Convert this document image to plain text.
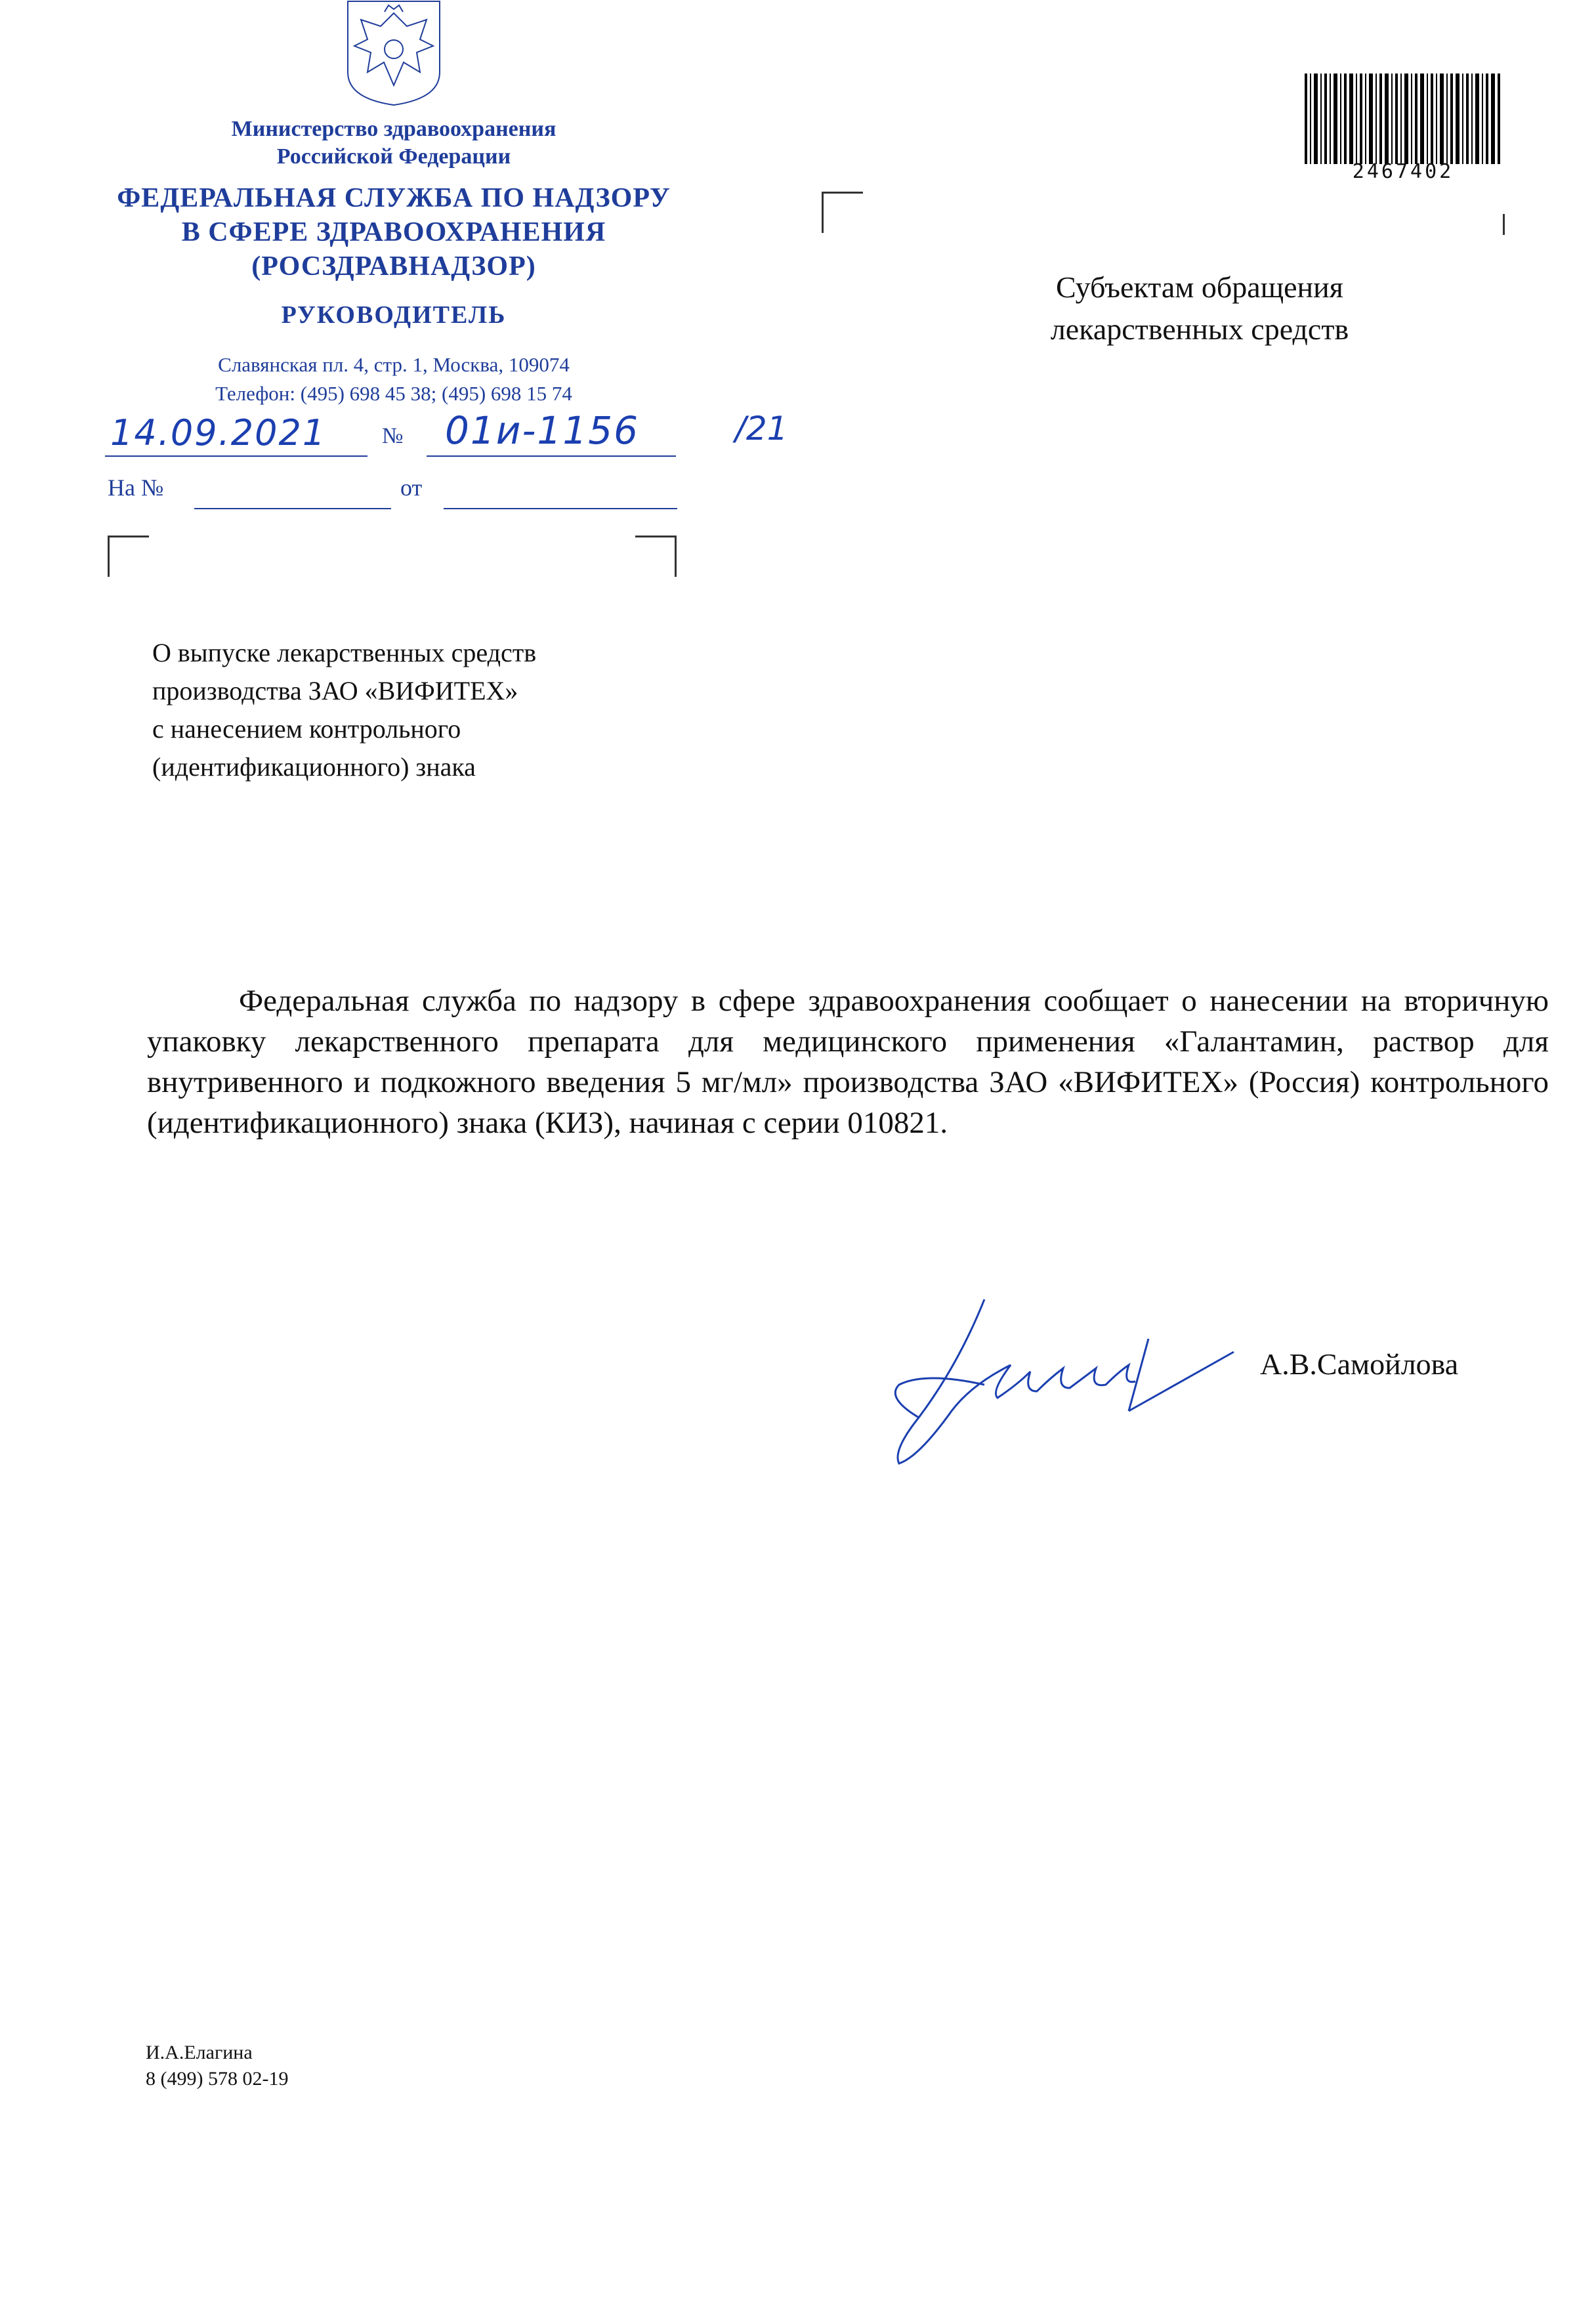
Министерство здравоохранения
Российской Федерации
ФЕДЕРАЛЬНАЯ СЛУЖБА ПО НАДЗОРУ
В СФЕРЕ ЗДРАВООХРАНЕНИЯ
(РОСЗДРАВНАДЗОР)
РУКОВОДИТЕЛЬ
Славянская пл. 4, стр. 1, Москва, 109074
Телефон: (495) 698 45 38; (495) 698 15 74
14.09.2021 № 01и-1156	/21
На №	от
2467402
Субъектам обращения
лекарственных средств
О выпуске лекарственных средств
производства ЗАО «ВИФИТЕХ»
с нанесением контрольного
(идентификационного) знака
Федеральная служба по надзору в сфере здравоохранения сообщает о нанесении на вторичную упаковку лекарственного препарата для медицинского применения «Галантамин, раствор для внутривенного и подкожного введения 5 мг/мл» производства ЗАО «ВИФИТЕХ» (Россия) контрольного (идентификационного) знака (КИЗ), начиная с серии 010821.
А.В.Самойлова
И.А.Елагина
8 (499) 578 02-19
